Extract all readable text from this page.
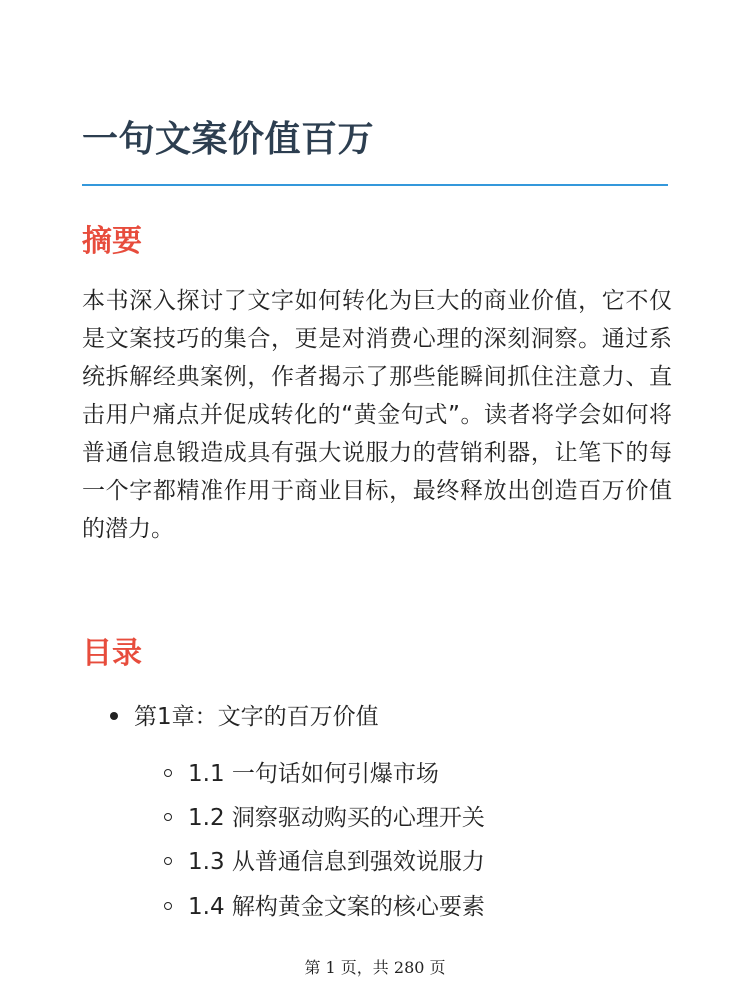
一句文案价值百万
摘要

本书深入探讨了文字如何转化为巨大的商业价值，它不仅是文案技巧的集合，更是对消费心理的深刻洞察。通过系统拆解经典案例，作者揭示了那些能瞬间抓住注意力、直击用户痛点并促成转化的“黄金句式”。读者将学会如何将普通信息锻造成具有强大说服力的营销利器，让笔下的每一个字都精准作用于商业目标，最终释放出创造百万价值的潜力。

目录
第1章：文字的百万价值
1.1 一句话如何引爆市场
1.2 洞察驱动购买的心理开关
1.3 从普通信息到强效说服力
1.4 解构黄金文案的核心要素
第 1 页，共 280 页
